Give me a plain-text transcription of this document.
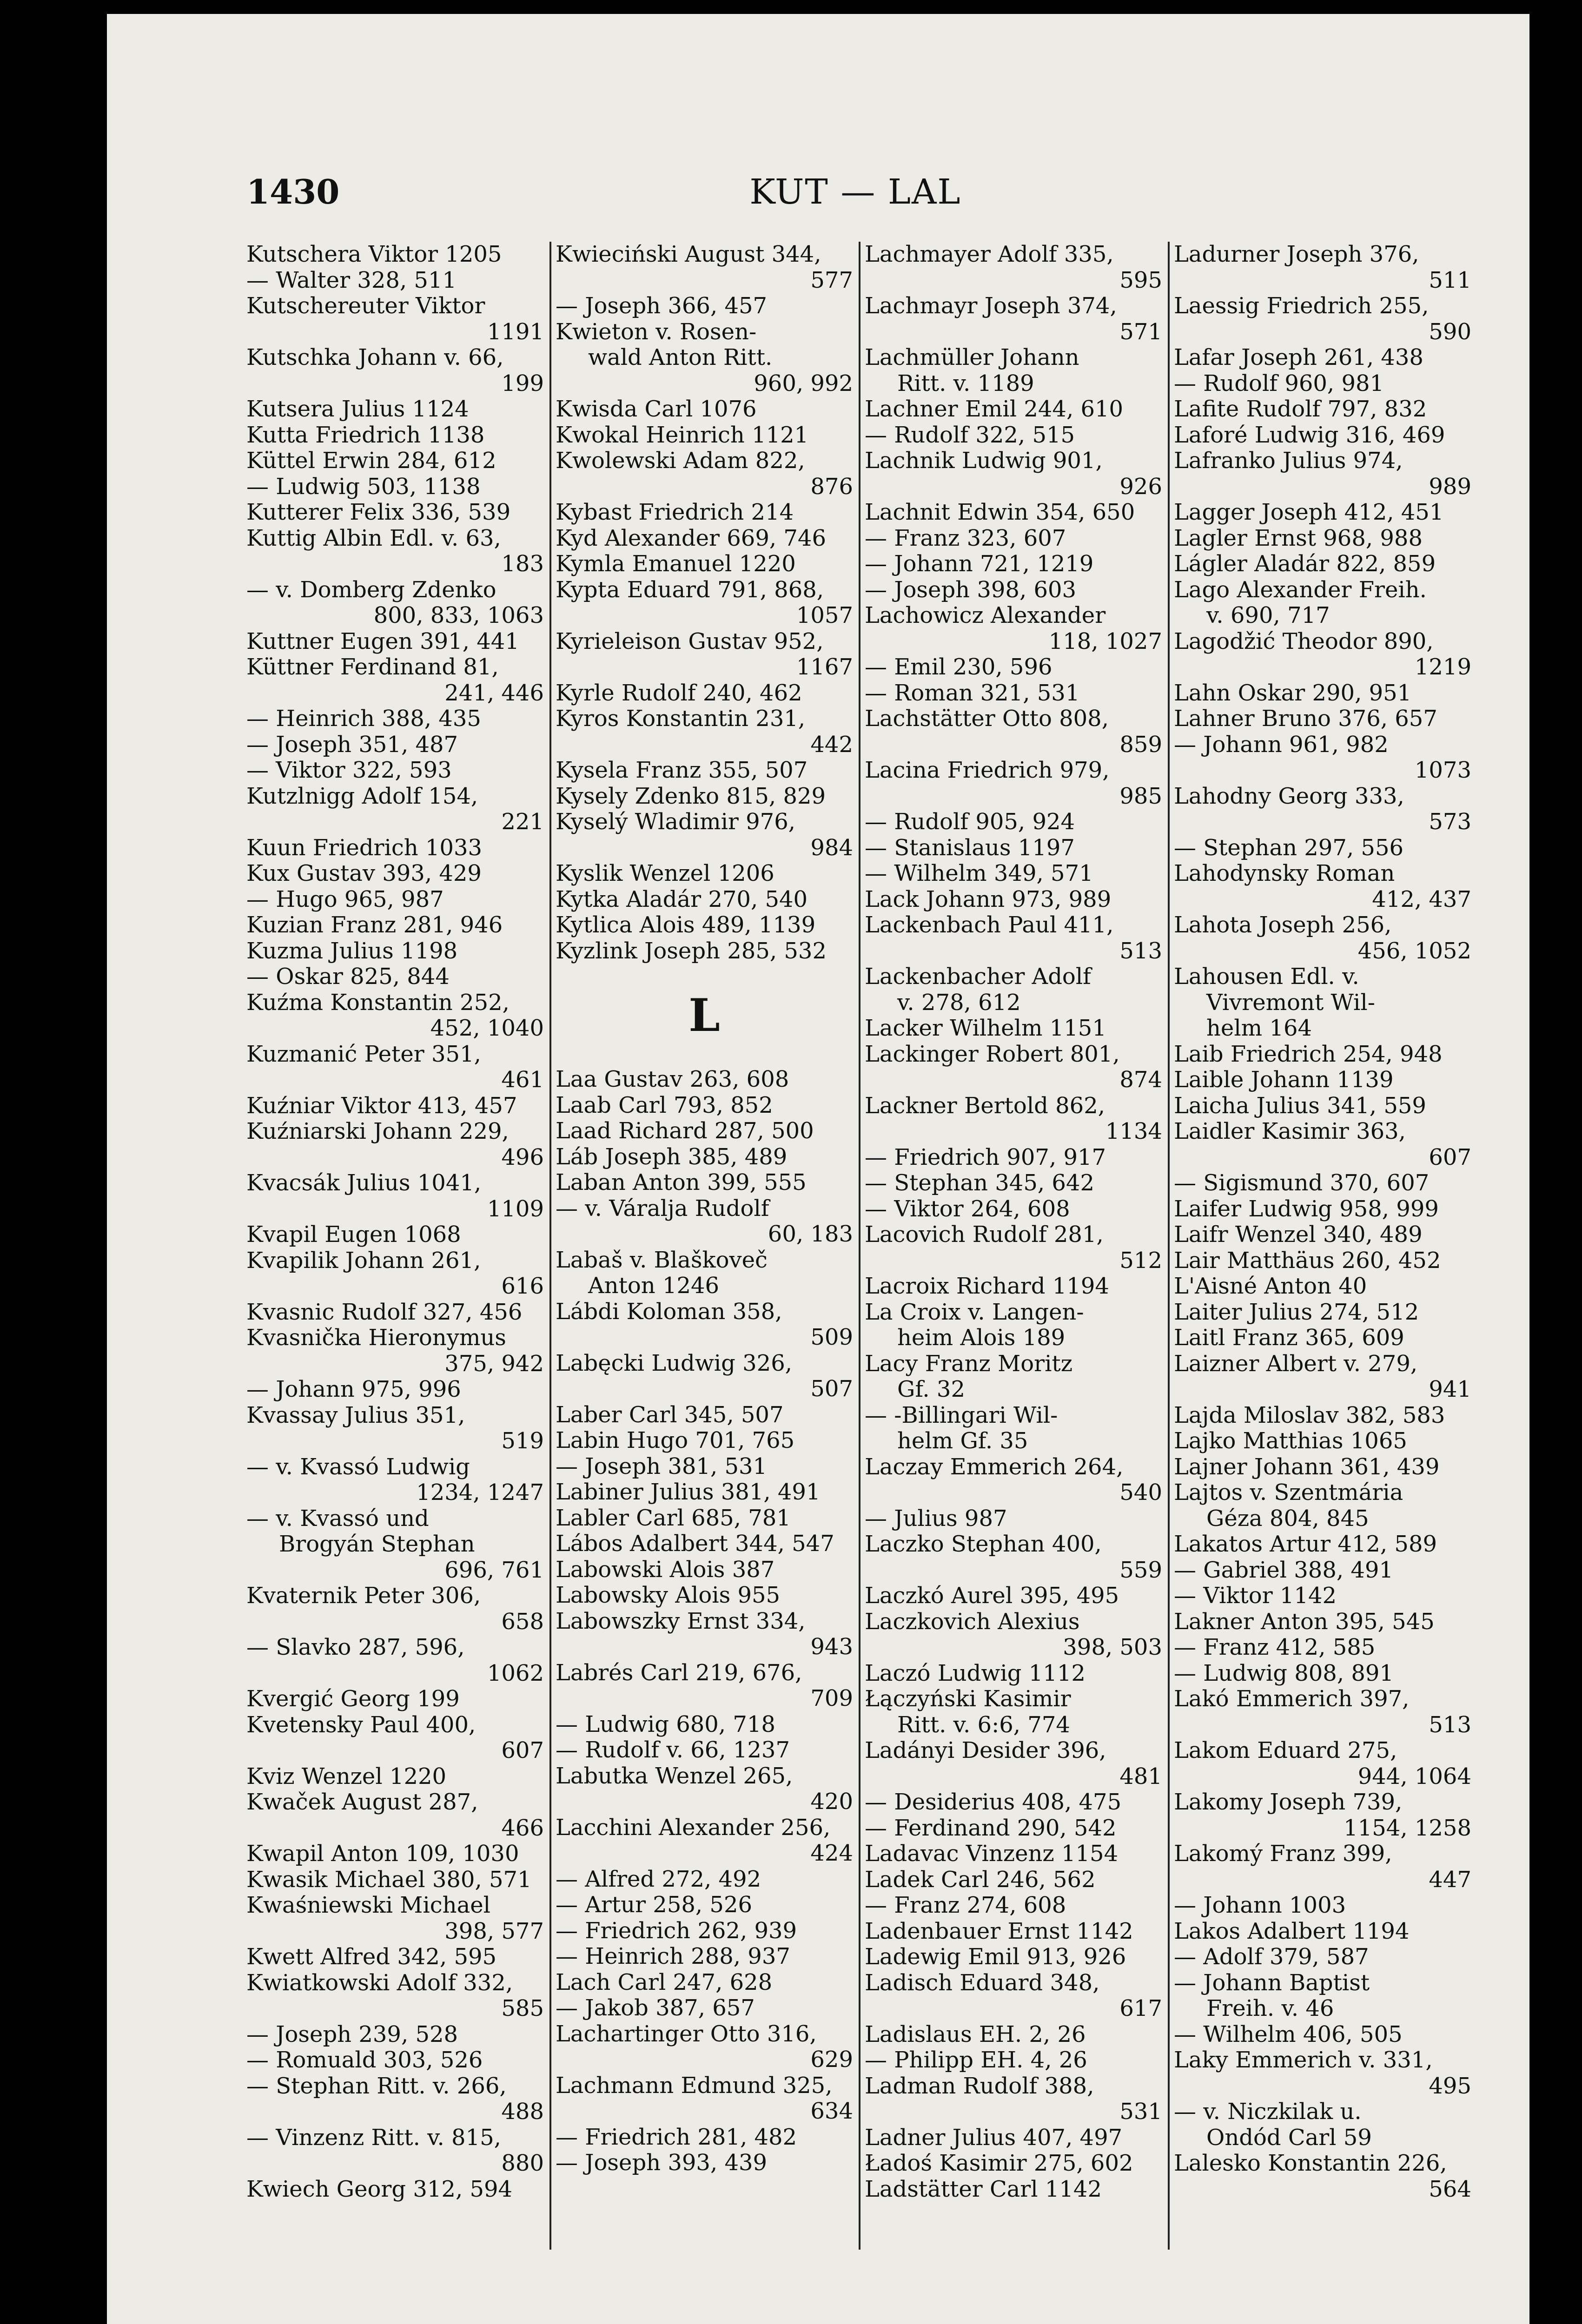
1430	KUT — LAL
Kutschera Viktor 1205
— Walter 328, 511
Kutschereuter Viktor
1191
Kutschka Johann v. 66,
199
Kutsera Julius 1124
Kutta Friedrich 1138
Küttel Erwin 284, 612
— Ludwig 503, 1138
Kutterer Felix 336, 539
Kuttig Albin Edl. v. 63,
183
— v. Domberg Zdenko
800, 833, 1063
Kuttner Eugen 391, 441
Küttner Ferdinand 81,
241, 446
— Heinrich 388, 435
— Joseph 351, 487
— Viktor 322, 593
Kutzlnigg Adolf 154,
221
Kuun Friedrich 1033
Kux Gustav 393, 429
— Hugo 965, 987
Kuzian Franz 281, 946
Kuzma Julius 1198
— Oskar 825, 844
Kuźma Konstantin 252,
452, 1040
Kuzmanić Peter 351,
461
Kuźniar Viktor 413, 457
Kuźniarski Johann 229,
496
Kvacsák Julius 1041,
1109
Kvapil Eugen 1068
Kvapilik Johann 261,
616
Kvasnic Rudolf 327, 456
Kvasnička Hieronymus
375, 942
— Johann 975, 996
Kvassay Julius 351,
519
— v. Kvassó Ludwig
1234, 1247
— v. Kvassó und
Brogyán Stephan
696, 761
Kvaternik Peter 306,
658
— Slavko 287, 596,
1062
Kvergić Georg 199
Kvetensky Paul 400,
607
Kviz Wenzel 1220
Kwaček August 287,
466
Kwapil Anton 109, 1030
Kwasik Michael 380, 571
Kwaśniewski Michael
398, 577
Kwett Alfred 342, 595
Kwiatkowski Adolf 332,
585
— Joseph 239, 528
— Romuald 303, 526
— Stephan Ritt. v. 266,
488
— Vinzenz Ritt. v. 815,
880
Kwiech Georg 312, 594
Kwieciński August 344,
577
— Joseph 366, 457
Kwieton v. Rosen-
wald Anton Ritt.
960, 992
Kwisda Carl 1076
Kwokal Heinrich 1121
Kwolewski Adam 822,
876
Kybast Friedrich 214
Kyd Alexander 669, 746
Kymla Emanuel 1220
Kypta Eduard 791, 868,
1057
Kyrieleison Gustav 952,
1167
Kyrle Rudolf 240, 462
Kyros Konstantin 231,
442
Kysela Franz 355, 507
Kysely Zdenko 815, 829
Kyselý Wladimir 976,
984
Kyslik Wenzel 1206
Kytka Aladár 270, 540
Kytlica Alois 489, 1139
Kyzlink Joseph 285, 532
L
Laa Gustav 263, 608
Laab Carl 793, 852
Laad Richard 287, 500
Láb Joseph 385, 489
Laban Anton 399, 555
— v. Váralja Rudolf
60, 183
Labaš v. Blaškoveč
Anton 1246
Lábdi Koloman 358,
509
Labęcki Ludwig 326,
507
Laber Carl 345, 507
Labin Hugo 701, 765
— Joseph 381, 531
Labiner Julius 381, 491
Labler Carl 685, 781
Lábos Adalbert 344, 547
Labowski Alois 387
Labowsky Alois 955
Labowszky Ernst 334,
943
Labrés Carl 219, 676,
709
— Ludwig 680, 718
— Rudolf v. 66, 1237
Labutka Wenzel 265,
420
Lacchini Alexander 256,
424
— Alfred 272, 492
— Artur 258, 526
— Friedrich 262, 939
— Heinrich 288, 937
Lach Carl 247, 628
— Jakob 387, 657
Lachartinger Otto 316,
629
Lachmann Edmund 325,
634
— Friedrich 281, 482
— Joseph 393, 439
Lachmayer Adolf 335,
595
Lachmayr Joseph 374,
571
Lachmüller Johann
Ritt. v. 1189
Lachner Emil 244, 610
— Rudolf 322, 515
Lachnik Ludwig 901,
926
Lachnit Edwin 354, 650
— Franz 323, 607
— Johann 721, 1219
— Joseph 398, 603
Lachowicz Alexander
118, 1027
— Emil 230, 596
— Roman 321, 531
Lachstätter Otto 808,
859
Lacina Friedrich 979,
985
— Rudolf 905, 924
— Stanislaus 1197
— Wilhelm 349, 571
Lack Johann 973, 989
Lackenbach Paul 411,
513
Lackenbacher Adolf
v. 278, 612
Lacker Wilhelm 1151
Lackinger Robert 801,
874
Lackner Bertold 862,
1134
— Friedrich 907, 917
— Stephan 345, 642
— Viktor 264, 608
Lacovich Rudolf 281,
512
Lacroix Richard 1194
La Croix v. Langen-
heim Alois 189
Lacy Franz Moritz
Gf. 32
— -Billingari Wil-
helm Gf. 35
Laczay Emmerich 264,
540
— Julius 987
Laczko Stephan 400,
559
Laczkó Aurel 395, 495
Laczkovich Alexius
398, 503
Laczó Ludwig 1112
Łączyński Kasimir
Ritt. v. 6:6, 774
Ladányi Desider 396,
481
— Desiderius 408, 475
— Ferdinand 290, 542
Ladavac Vinzenz 1154
Ladek Carl 246, 562
— Franz 274, 608
Ladenbauer Ernst 1142
Ladewig Emil 913, 926
Ladisch Eduard 348,
617
Ladislaus EH. 2, 26
— Philipp EH. 4, 26
Ladman Rudolf 388,
531
Ladner Julius 407, 497
Ładoś Kasimir 275, 602
Ladstätter Carl 1142
Ladurner Joseph 376,
511
Laessig Friedrich 255,
590
Lafar Joseph 261, 438
— Rudolf 960, 981
Lafite Rudolf 797, 832
Laforé Ludwig 316, 469
Lafranko Julius 974,
989
Lagger Joseph 412, 451
Lagler Ernst 968, 988
Lágler Aladár 822, 859
Lago Alexander Freih.
v. 690, 717
Lagodžić Theodor 890,
1219
Lahn Oskar 290, 951
Lahner Bruno 376, 657
— Johann 961, 982
1073
Lahodny Georg 333,
573
— Stephan 297, 556
Lahodynsky Roman
412, 437
Lahota Joseph 256,
456, 1052
Lahousen Edl. v.
Vivremont Wil-
helm 164
Laib Friedrich 254, 948
Laible Johann 1139
Laicha Julius 341, 559
Laidler Kasimir 363,
607
— Sigismund 370, 607
Laifer Ludwig 958, 999
Laifr Wenzel 340, 489
Lair Matthäus 260, 452
L'Aisné Anton 40
Laiter Julius 274, 512
Laitl Franz 365, 609
Laizner Albert v. 279,
941
Lajda Miloslav 382, 583
Lajko Matthias 1065
Lajner Johann 361, 439
Lajtos v. Szentmária
Géza 804, 845
Lakatos Artur 412, 589
— Gabriel 388, 491
— Viktor 1142
Lakner Anton 395, 545
— Franz 412, 585
— Ludwig 808, 891
Lakó Emmerich 397,
513
Lakom Eduard 275,
944, 1064
Lakomy Joseph 739,
1154, 1258
Lakomý Franz 399,
447
— Johann 1003
Lakos Adalbert 1194
— Adolf 379, 587
— Johann Baptist
Freih. v. 46
— Wilhelm 406, 505
Laky Emmerich v. 331,
495
— v. Niczkilak u.
Ondód Carl 59
Lalesko Konstantin 226,
564
